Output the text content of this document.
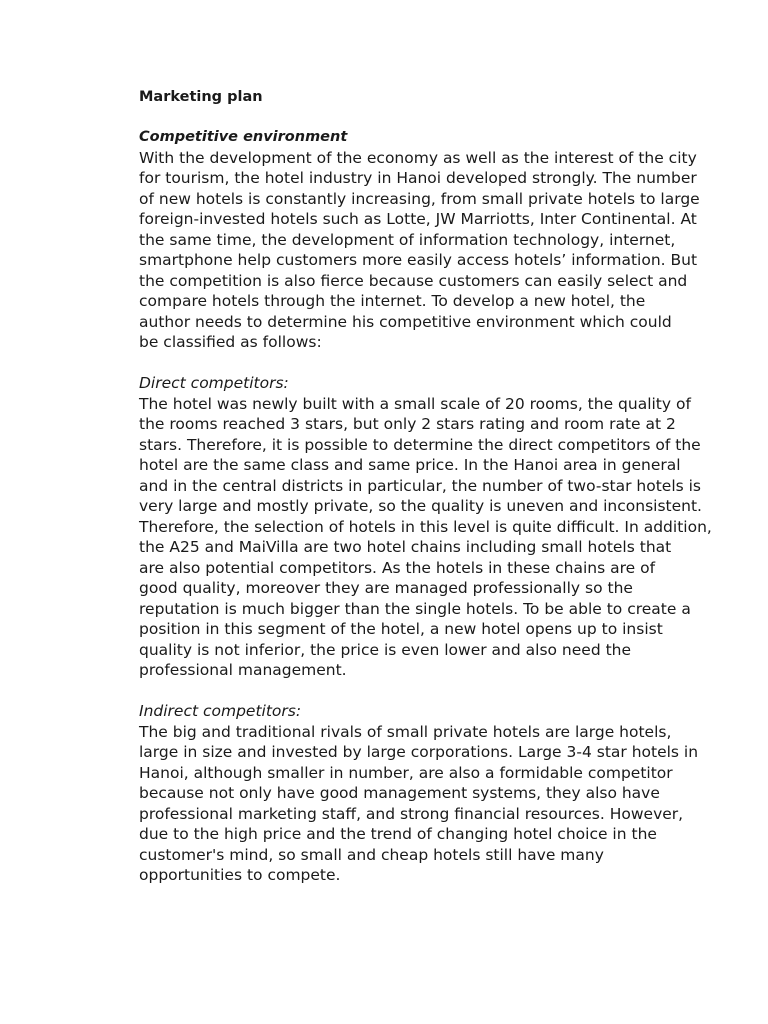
Marketing plan
Competitive environment
With the development of the economy as well as the interest of the city
for tourism, the hotel industry in Hanoi developed strongly. The number
of new hotels is constantly increasing, from small private hotels to large
foreign-invested hotels such as Lotte, JW Marriotts, Inter Continental. At
the same time, the development of information technology, internet,
smartphone help customers more easily access hotels’ information. But
the competition is also fierce because customers can easily select and
compare hotels through the internet. To develop a new hotel, the
author needs to determine his competitive environment which could
be classified as follows:
Direct competitors:
The hotel was newly built with a small scale of 20 rooms, the quality of
the rooms reached 3 stars, but only 2 stars rating and room rate at 2
stars. Therefore, it is possible to determine the direct competitors of the
hotel are the same class and same price. In the Hanoi area in general
and in the central districts in particular, the number of two-star hotels is
very large and mostly private, so the quality is uneven and inconsistent.
Therefore, the selection of hotels in this level is quite difficult. In addition,
the A25 and MaiVilla are two hotel chains including small hotels that
are also potential competitors. As the hotels in these chains are of
good quality, moreover they are managed professionally so the
reputation is much bigger than the single hotels. To be able to create a
position in this segment of the hotel, a new hotel opens up to insist
quality is not inferior, the price is even lower and also need the
professional management.
Indirect competitors:
The big and traditional rivals of small private hotels are large hotels,
large in size and invested by large corporations. Large 3-4 star hotels in
Hanoi, although smaller in number, are also a formidable competitor
because not only have good management systems, they also have
professional marketing staff, and strong financial resources. However,
due to the high price and the trend of changing hotel choice in the
customer's mind, so small and cheap hotels still have many
opportunities to compete.
